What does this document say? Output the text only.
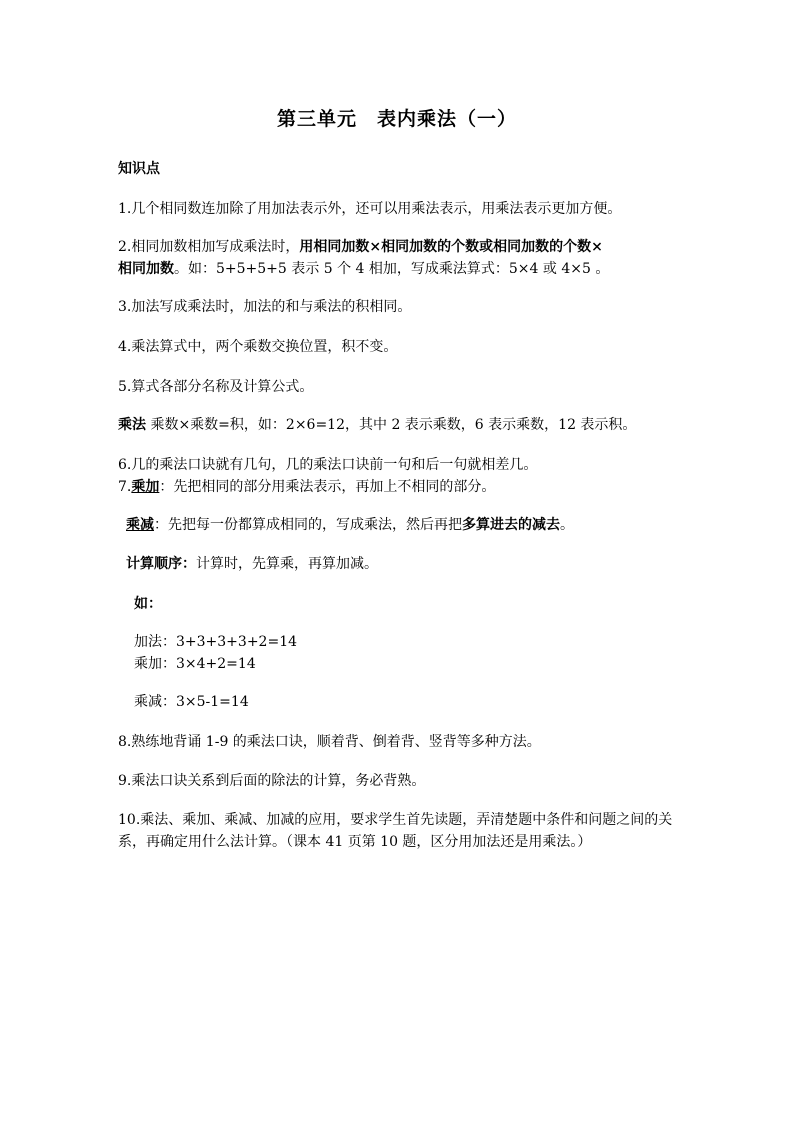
第三单元　表内乘法（一）
知识点
1.几个相同数连加除了用加法表示外，还可以用乘法表示，用乘法表示更加方便。
2.相同加数相加写成乘法时，用相同加数×相同加数的个数或相同加数的个数×
相同加数。如：5+5+5+5 表示 5 个 4 相加，写成乘法算式：5×4 或 4×5 。
3.加法写成乘法时，加法的和与乘法的积相同。
4.乘法算式中，两个乘数交换位置，积不变。
5.算式各部分名称及计算公式。
乘法 乘数×乘数=积，如：2×6=12，其中 2 表示乘数，6 表示乘数，12 表示积。
6.几的乘法口诀就有几句，几的乘法口诀前一句和后一句就相差几。
7.乘加：先把相同的部分用乘法表示，再加上不相同的部分。
乘减：先把每一份都算成相同的，写成乘法，然后再把多算进去的减去。
计算顺序：计算时，先算乘，再算加减。
如：
加法：3+3+3+3+2=14
乘加：3×4+2=14
乘减：3×5-1=14
8.熟练地背诵 1-9 的乘法口诀，顺着背、倒着背、竖背等多种方法。
9.乘法口诀关系到后面的除法的计算，务必背熟。
10.乘法、乘加、乘减、加减的应用，要求学生首先读题，弄清楚题中条件和问题之间的关系，再确定用什么法计算。（课本 41 页第 10 题，区分用加法还是用乘法。）
